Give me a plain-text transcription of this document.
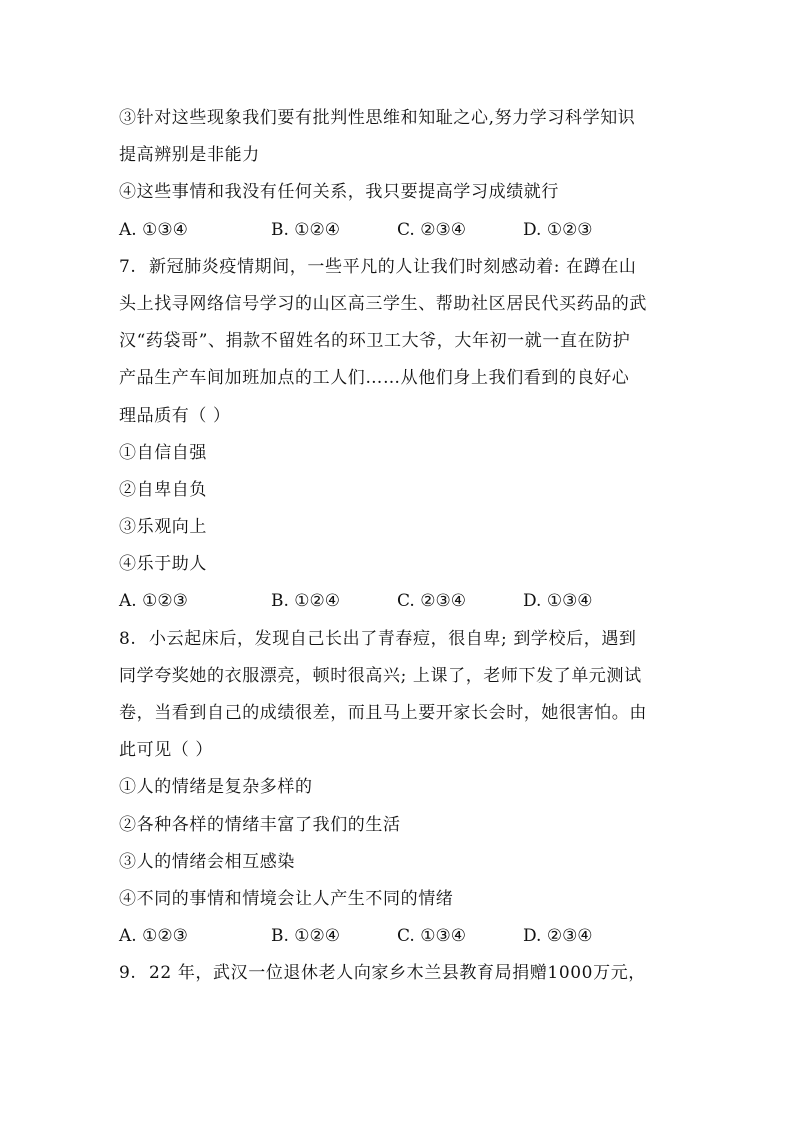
③针对这些现象我们要有批判性思维和知耻之心,努力学习科学知识
提高辨别是非能力
④这些事情和我没有任何关系，我只要提高学习成绩就行
A. ①③④	B. ①②④	C. ②③④	D. ①②③
7. 新冠肺炎疫情期间，一些平凡的人让我们时刻感动着: 在蹲在山
头上找寻网络信号学习的山区高三学生、帮助社区居民代买药品的武
汉“药袋哥”、捐款不留姓名的环卫工大爷，大年初一就一直在防护
产品生产车间加班加点的工人们……从他们身上我们看到的良好心
理品质有（ ）
①自信自强
②自卑自负
③乐观向上
④乐于助人
A. ①②③	B. ①②④	C. ②③④	D. ①③④
8. 小云起床后，发现自己长出了青春痘，很自卑; 到学校后，遇到
同学夸奖她的衣服漂亮，顿时很高兴; 上课了，老师下发了单元测试
卷，当看到自己的成绩很差，而且马上要开家长会时，她很害怕。由
此可见（ ）
①人的情绪是复杂多样的
②各种各样的情绪丰富了我们的生活
③人的情绪会相互感染
④不同的事情和情境会让人产生不同的情绪
A. ①②③	B. ①②④	C. ①③④	D. ②③④
9. 22 年，武汉一位退休老人向家乡木兰县教育局捐赠1000万元，
